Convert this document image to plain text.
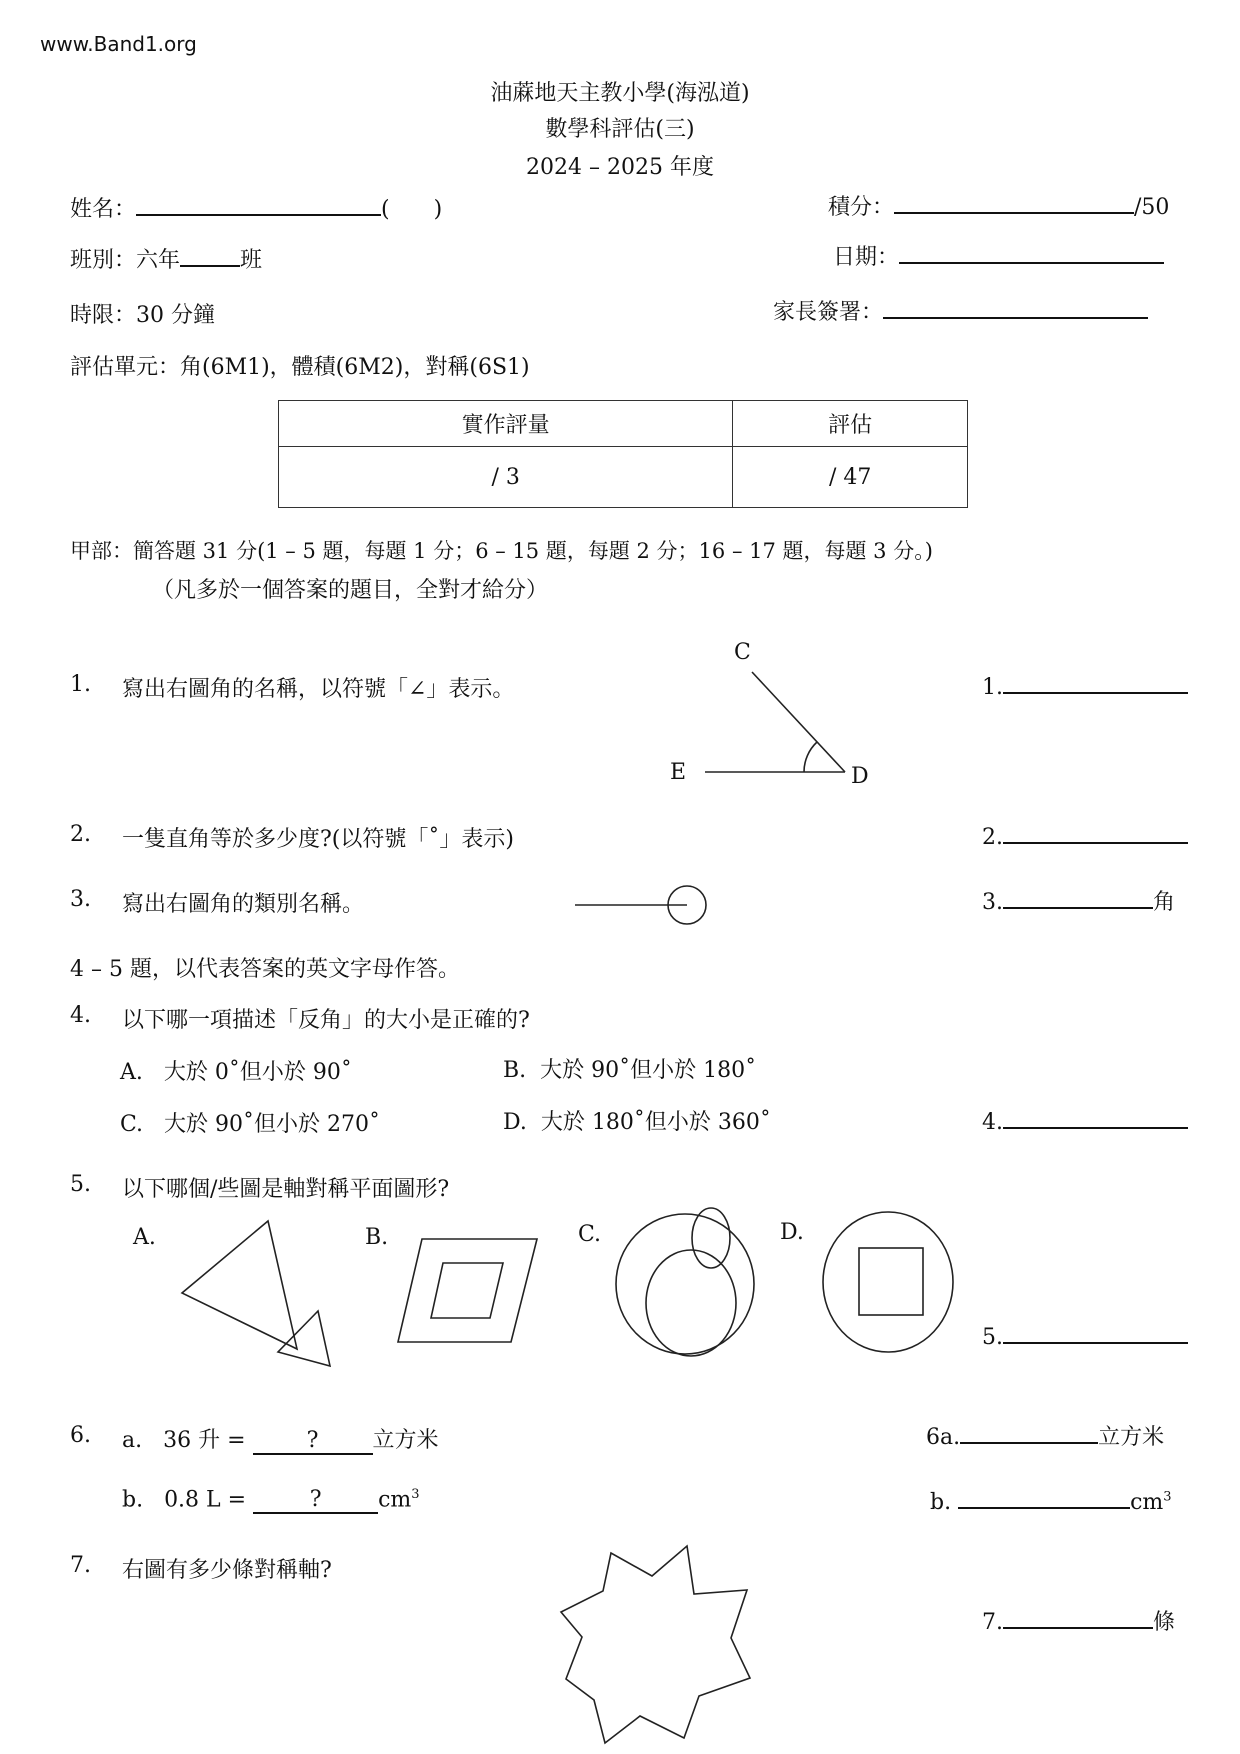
www.Band1.org
油蔴地天主教小學(海泓道)
數學科評估(三)
2024 – 2025 年度
姓名：	(　　)	積分：	/50
班別：六年	班	日期：
時限：30 分鐘	家長簽署：
評估單元：角(6M1)，體積(6M2)，對稱(6S1)
實作評量	評估
/ 3	/ 47
甲部：簡答題 31 分(1 – 5 題，每題 1 分；6 – 15 題，每題 2 分；16 – 17 題，每題 3 分。)
（凡多於一個答案的題目，全對才給分）
1. 寫出右圖角的名稱，以符號「∠」表示。
C
D
E
1.
2. 一隻直角等於多少度?(以符號「˚」表示)	2.
3. 寫出右圖角的類別名稱。	3.	角
4 – 5 題，以代表答案的英文字母作答。
4. 以下哪一項描述「反角」的大小是正確的?
A. 大於 0˚但小於 90˚	B. 大於 90˚但小於 180˚
C. 大於 90˚但小於 270˚	D. 大於 180˚但小於 360˚	4.
5. 以下哪個/些圖是軸對稱平面圖形?
A.	B.	C.	D.
5.
6. a. 36 升 =	? 立方米
b. 0.8 L =	?	$cm^3$
6a.	立方米
b.	$cm^3$
7. 右圖有多少條對稱軸?
7.	條
